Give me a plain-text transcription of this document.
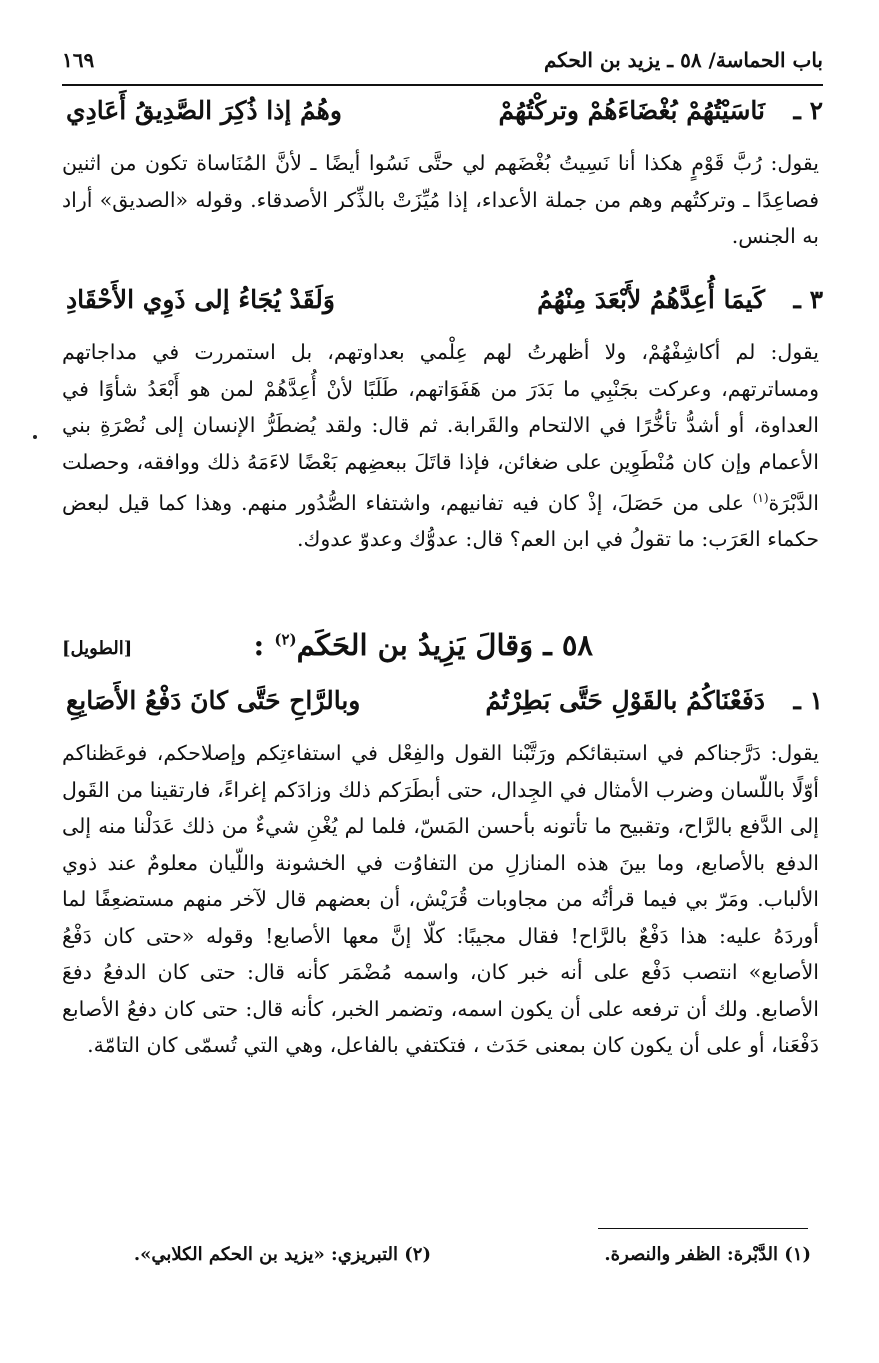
باب الحماسة/ ٥٨ ـ يزيد بن الحكم
١٦٩
٢ ـ
نَاسَيْتُهُمْ بُغْضَاءَهُمْ وتركْتُهُمْ
وهُمُ إذا ذُكِرَ الصَّدِيقُ أَعَادِي
يقول: رُبَّ قَوْمٍ هكذا أنا نَسِيتُ بُغْضَهم لي حتَّى نَسُوا أيضًا ـ لأنَّ المُنَاساة تكون من اثنين فصاعِدًا ـ وتركتُهم وهم من جملة الأعداء، إذا مُيِّزَتْ بالذِّكر الأصدقاء. وقوله «الصديق» أراد به الجنس.
٣ ـ
كَيمَا أُعِدَّهُمُ لأَبْعَدَ مِنْهُمُ
وَلَقَدْ يُجَاءُ إلى ذَوِي الأَحْقَادِ
يقول: لم أكاشِفْهُمْ، ولا أظهرتُ لهم عِلْمي بعداوتهم، بل استمررت في مداجاتهم ومساترتهم، وعركت بجَنْبِي ما بَدَرَ من هَفَوَاتهم، طَلَبًا لأنْ أُعِدَّهُمْ لمن هو أَبْعَدُ شأوًا في العداوة، أو أشدُّ تأخُّرًا في الالتحام والقَرابة. ثم قال: ولقد يُضطَرُّ الإنسان إلى نُصْرَةِ بني الأعمام وإن كان مُنْطَوِين على ضغائن، فإذا قاتَلَ ببعضِهم بَعْضًا لاءَمَهُ ذلك ووافقه، وحصلت الدَّبْرَة$^{(١)}$ على من حَصَلَ، إذْ كان فيه تفانيهم، واشتفاء الصُّدُور منهم. وهذا كما قيل لبعض حكماء العَرَب: ما تقولُ في ابن العم؟ قال: عدوُّك وعدوّ عدوك.
٥٨ ـ وَقالَ يَزِيدُ بن الحَكَم$^{(٢)}$ :
[الطويل]
١ ـ
دَفَعْنَاكُمُ بالقَوْلِ حَتَّى بَطِرْتُمُ
وبالرَّاحِ حَتَّى كانَ دَفْعُ الأَصَابِعِ
يقول: دَرَّجناكم في استبقائكم ورَتَّبْنا القول والفِعْل في استفاءتِكم وإصلاحكم، فوعَظناكم أوّلًا باللّسان وضرب الأمثال في الجِدال، حتى أبطَرَكم ذلك وزادَكم إغراءً، فارتقينا من القَول إلى الدَّفع بالرَّاح، وتقبيح ما تأتونه بأحسن المَسّ، فلما لم يُغْنِ شيءٌ من ذلك عَدَلْنا منه إلى الدفع بالأصابع، وما بينَ هذه المنازلِ من التفاوُت في الخشونة واللّيان معلومٌ عند ذوي الألباب. ومَرّ بي فيما قرأتُه من مجاوبات قُرَيْش، أن بعضهم قال لآخر منهم مستضعِفًا لما أوردَهُ عليه: هذا دَفْعٌ بالرَّاح! فقال مجيبًا: كلّا إنَّ معها الأصابع! وقوله «حتى كان دَفْعُ الأصابع» انتصب دَفْع على أنه خبر كان، واسمه مُضْمَر كأنه قال: حتى كان الدفعُ دفعَ الأصابع. ولك أن ترفعه على أن يكون اسمه، وتضمر الخبر، كأنه قال: حتى كان دفعُ الأصابع دَفْعَنا، أو على أن يكون كان بمعنى حَدَث ، فتكتفي بالفاعل، وهي التي تُسمّى كان التامّة.
(١) الدَّبْرة: الظفر والنصرة.
(٢) التبريزي: «يزيد بن الحكم الكلابي».
